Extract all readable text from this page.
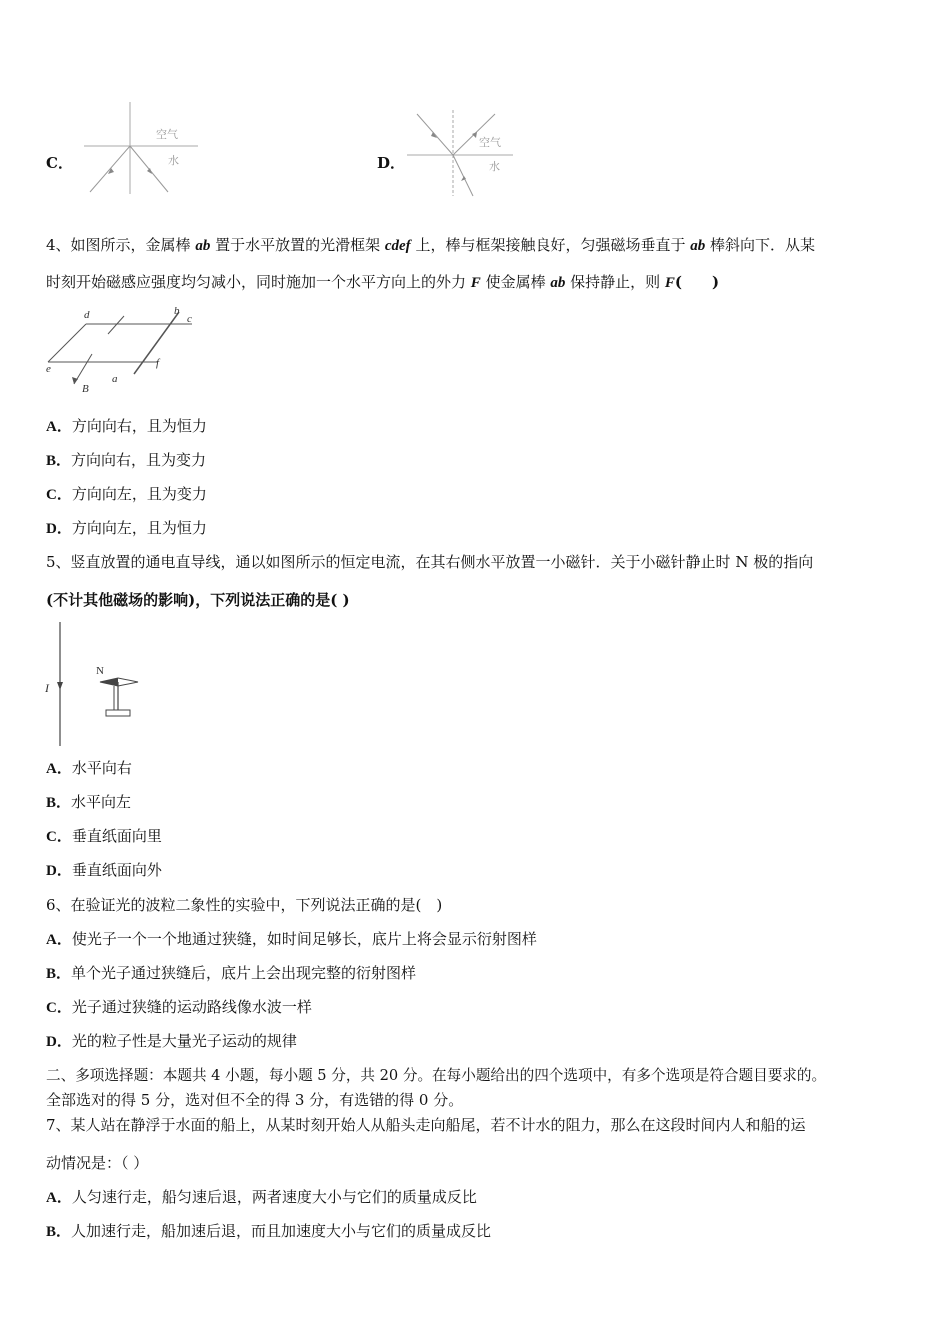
C．
空气
水	D．
空气
水
4、如图所示，金属棒 ab 置于水平放置的光滑框架 cdef 上，棒与框架接触良好，匀强磁场垂直于 ab 棒斜向下．从某
时刻开始磁感应强度均匀减小，同时施加一个水平方向上的外力 F 使金属棒 ab 保持静止，则 F(　　)
d	b
c
e
a
f
B
A．方向向右，且为恒力
B．方向向右，且为变力
C．方向向左，且为变力
D．方向向左，且为恒力
5、竖直放置的通电直导线，通以如图所示的恒定电流，在其右侧水平放置一小磁针．关于小磁针静止时 N 极的指向
(不计其他磁场的影响)，下列说法正确的是( )
I
N
A．水平向右
B．水平向左
C．垂直纸面向里
D．垂直纸面向外
6、在验证光的波粒二象性的实验中，下列说法正确的是(　)
A．使光子一个一个地通过狭缝，如时间足够长，底片上将会显示衍射图样
B．单个光子通过狭缝后，底片上会出现完整的衍射图样
C．光子通过狭缝的运动路线像水波一样
D．光的粒子性是大量光子运动的规律
二、多项选择题：本题共 4 小题，每小题 5 分，共 20 分。在每小题给出的四个选项中，有多个选项是符合题目要求的。
全部选对的得 5 分，选对但不全的得 3 分，有选错的得 0 分。
7、某人站在静浮于水面的船上，从某时刻开始人从船头走向船尾，若不计水的阻力，那么在这段时间内人和船的运
动情况是：（ ）
A．人匀速行走，船匀速后退，两者速度大小与它们的质量成反比
B．人加速行走，船加速后退，而且加速度大小与它们的质量成反比
